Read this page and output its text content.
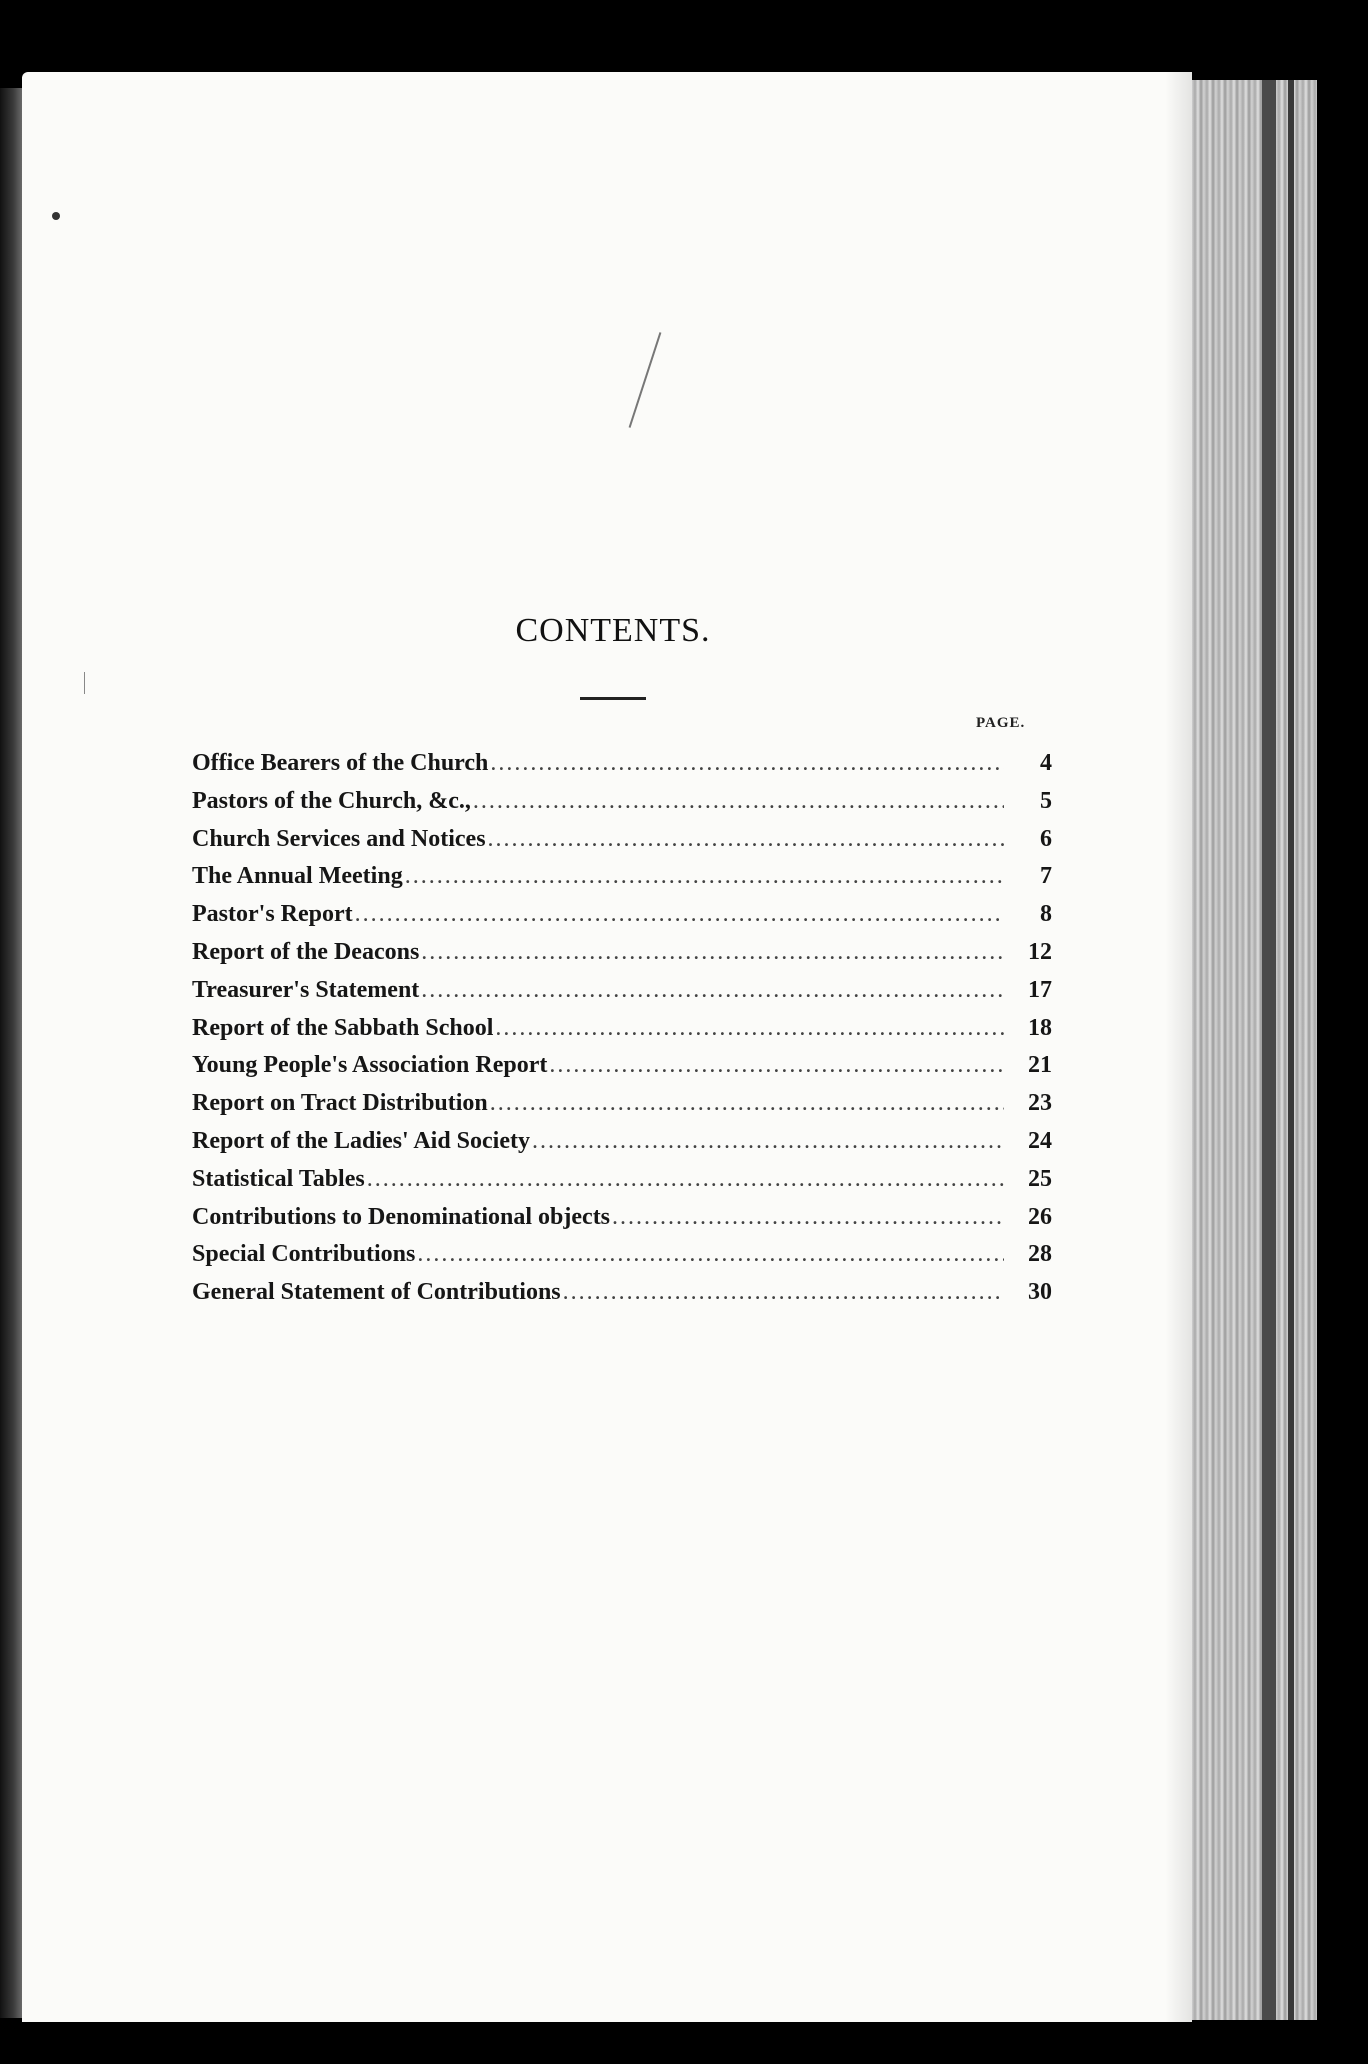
CONTENTS.
PAGE.
Office Bearers of the Church .....	4
Pastors of the Church, &c., .....	5
Church Services and Notices .....	6
The Annual Meeting .....	7
Pastor's Report .....	8
Report of the Deacons .....	12
Treasurer's Statement .....	17
Report of the Sabbath School .....	18
Young People's Association Report .....	21
Report on Tract Distribution .....	23
Report of the Ladies' Aid Society .....	24
Statistical Tables .....	25
Contributions to Denominational objects .....	26
Special Contributions .....	28
General Statement of Contributions .....	30
